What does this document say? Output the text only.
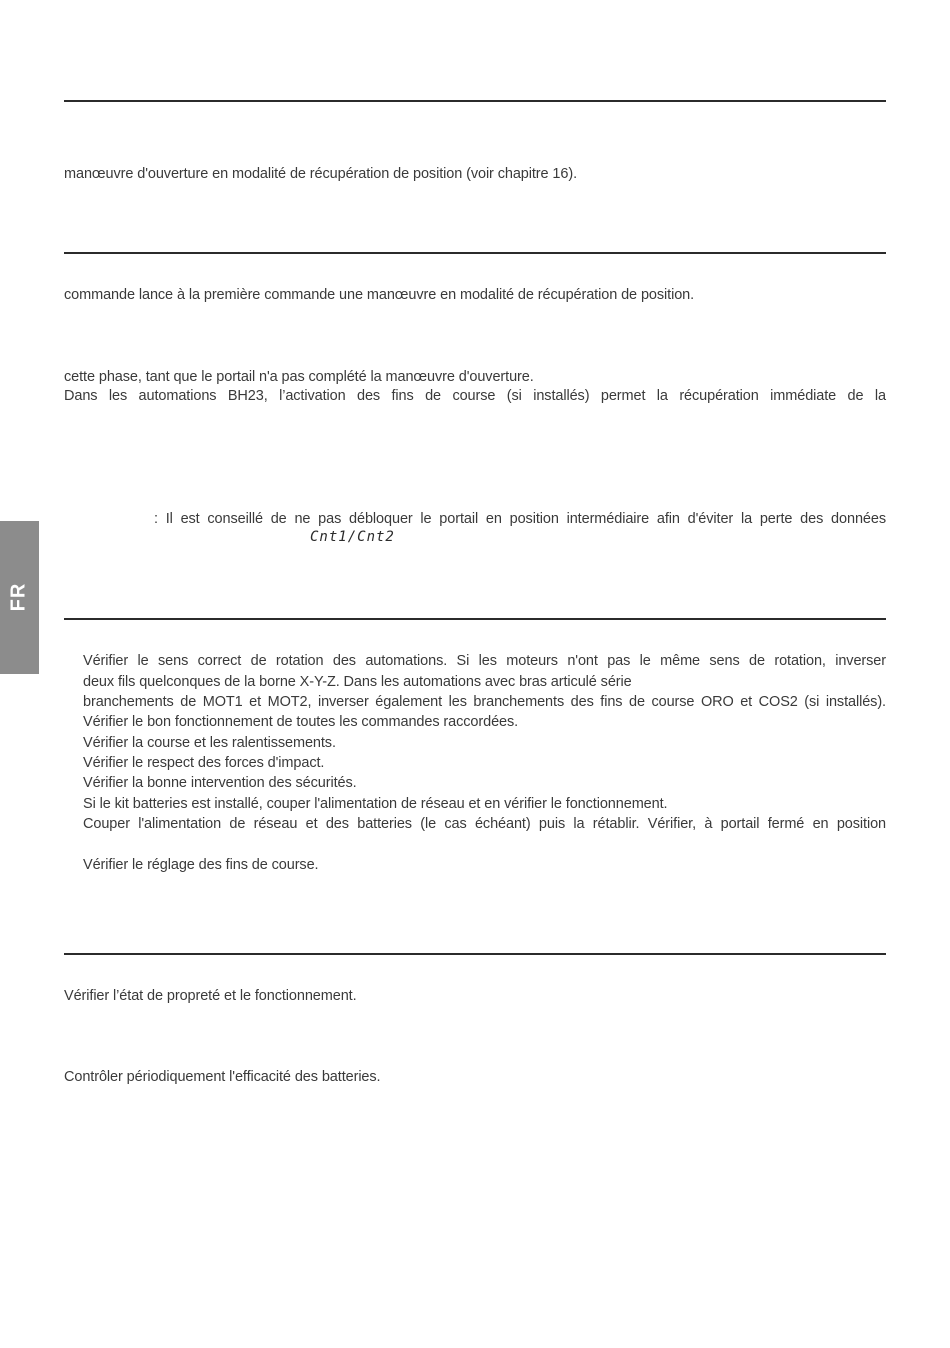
FR
manœuvre d'ouverture en modalité de récupération de position (voir chapitre 16).
commande lance à la première commande une manœuvre en modalité de récupération de position.
cette phase, tant que le portail n'a pas complété la manœuvre d'ouverture.
Dans les automations BH23, l’activation des fins de course (si installés) permet la récupération immédiate de la
: Il est conseillé de ne pas débloquer le portail en position intermédiaire afin d'éviter la perte des données
Cnt1/Cnt2
Vérifier le sens correct de rotation des automations. Si les moteurs n'ont pas le même sens de rotation, inverser
deux fils quelconques de la borne X-Y-Z. Dans les automations avec bras articulé série
branchements de MOT1 et MOT2, inverser également les branchements des fins de course ORO et COS2 (si installés).
Vérifier le bon fonctionnement de toutes les commandes raccordées.
Vérifier la course et les ralentissements.
Vérifier le respect des forces d'impact.
Vérifier la bonne intervention des sécurités.
Si le kit batteries est installé, couper l'alimentation de réseau et en vérifier le fonctionnement.
Couper l'alimentation de réseau et des batteries (le cas échéant) puis la rétablir. Vérifier, à portail fermé en position
Vérifier le réglage des fins de course.
Vérifier l’état de propreté et le fonctionnement.
Contrôler périodiquement l'efficacité des batteries.
